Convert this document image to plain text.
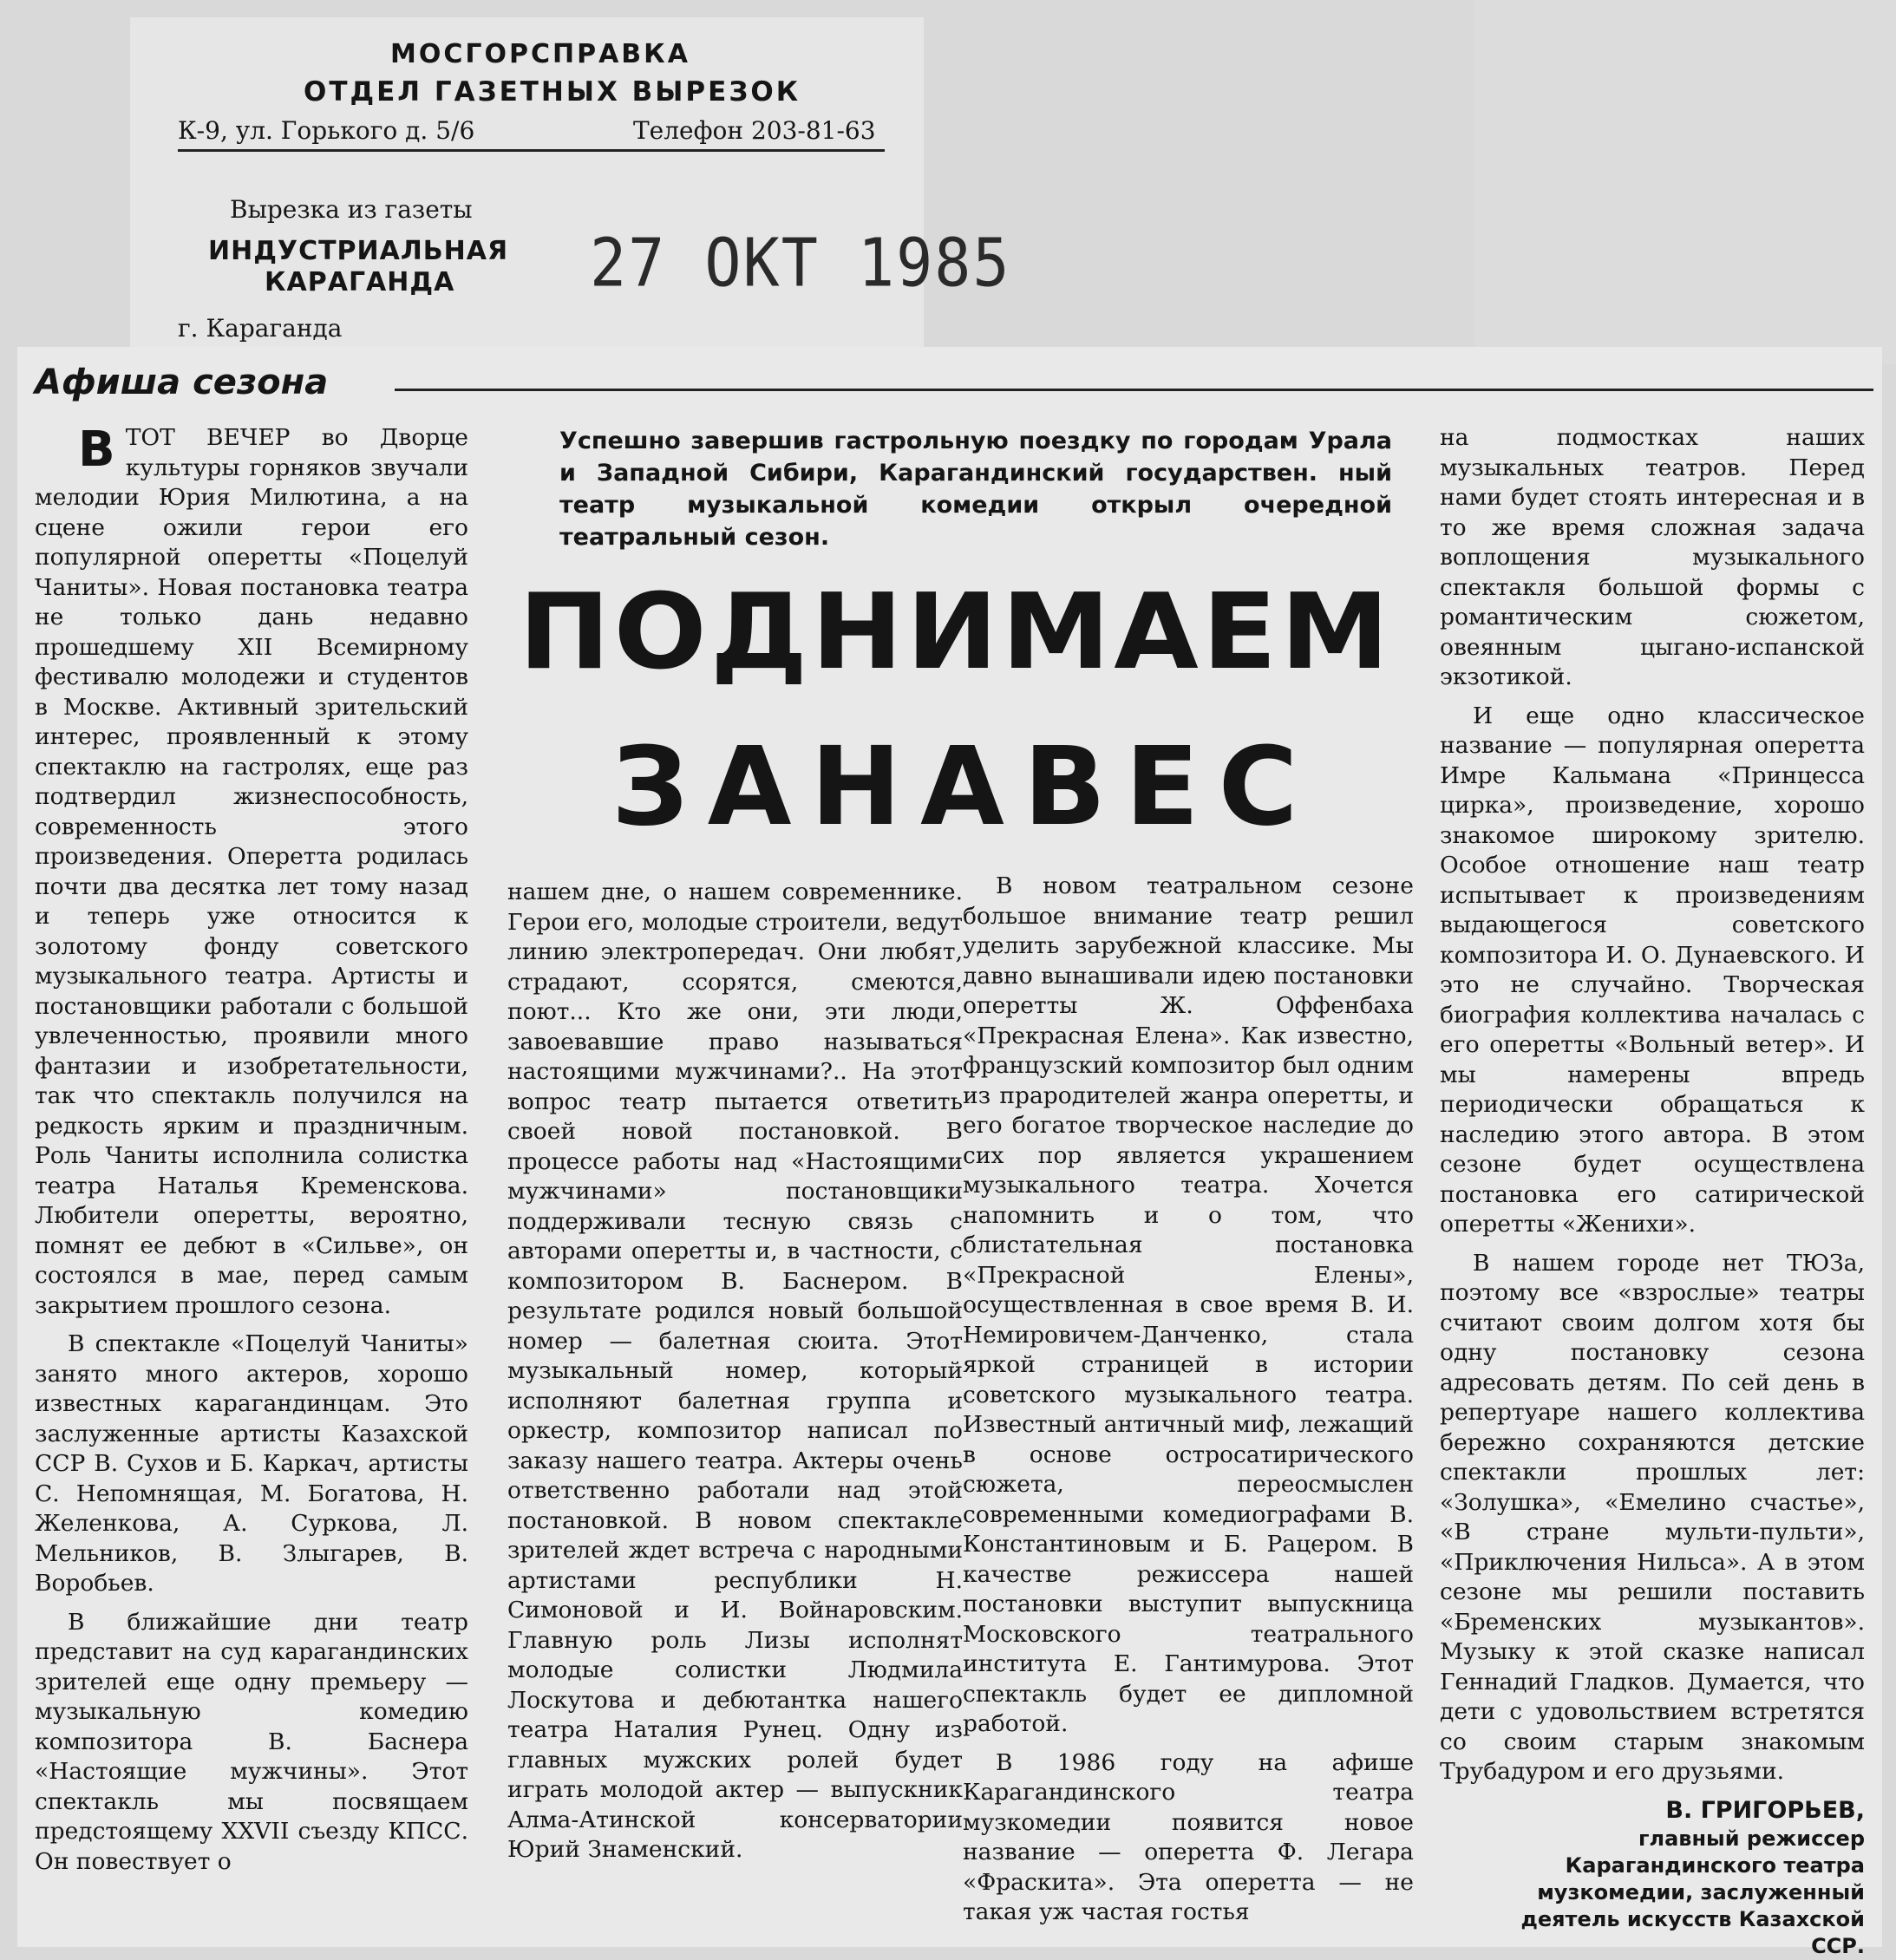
МОСГОРСПРАВКА
ОТДЕЛ ГАЗЕТНЫХ ВЫРЕЗОК
К-9, ул. Горького д. 5/6	Телефон 203-81-63
Вырезка из газеты
ИНДУСТРИАЛЬНАЯ
КАРАГАНДА
г. Караганда
27 ОКТ 1985
Афиша сезона
Успешно завершив гастрольную поездку по городам Урала и Западной Сибири, Карагандинский государствен. ный театр музыкальной комедии открыл очередной театральный сезон.
ПОДНИМАЕМ
ЗАНАВЕС

ВТОТ ВЕЧЕР во Дворце культуры горняков звучали мелодии Юрия Милютина, а на сцене ожили герои его популярной оперетты «Поцелуй Чаниты». Новая постановка театра не только дань недавно прошедшему XII Всемирному фестивалю молодежи и студентов в Москве. Активный зрительский интерес, проявленный к этому спектаклю на гастролях, еще раз подтвердил жизнеспособность, современность этого произведения. Оперетта родилась почти два десятка лет тому назад и теперь уже относится к золотому фонду советского музыкального театра. Артисты и постановщики работали с большой увлеченностью, проявили много фантазии и изобретательности, так что спектакль получился на редкость ярким и праздничным. Роль Чаниты исполнила солистка театра Наталья Кременскова. Любители оперетты, вероятно, помнят ее дебют в «Сильве», он состоялся в мае, перед самым закрытием прошлого сезона.

В спектакле «Поцелуй Чаниты» занято много актеров, хорошо известных карагандинцам. Это заслуженные артисты Казахской ССР В. Сухов и Б. Каркач, артисты С. Непомнящая, М. Богатова, Н. Желенкова, А. Суркова, Л. Мельников, В. Злыгарев, В. Воробьев.

В ближайшие дни театр представит на суд карагандинских зрителей еще одну премьеру — музыкальную комедию композитора В. Баснера «Настоящие мужчины». Этот спектакль мы посвящаем предстоящему XXVII съезду КПСС. Он повествует о

нашем дне, о нашем современнике. Герои его, молодые строители, ведут линию электропередач. Они любят, страдают, ссорятся, смеются, поют... Кто же они, эти люди, завоевавшие право называться настоящими мужчинами?.. На этот вопрос театр пытается ответить своей новой постановкой. В процессе работы над «Настоящими мужчинами» постановщики поддерживали тесную связь с авторами оперетты и, в частности, с композитором В. Баснером. В результате родился новый большой номер — балетная сюита. Этот музыкальный номер, который исполняют балетная группа и оркестр, композитор написал по заказу нашего театра. Актеры очень ответственно работали над этой постановкой. В новом спектакле зрителей ждет встреча с народными артистами республики Н. Симоновой и И. Войнаровским. Главную роль Лизы исполнят молодые солистки Людмила Лоскутова и дебютантка нашего театра Наталия Рунец. Одну из главных мужских ролей будет играть молодой актер — выпускник Алма-Атинской консерватории Юрий Знаменский.

В новом театральном сезоне большое внимание театр решил уделить зарубежной классике. Мы давно вынашивали идею постановки оперетты Ж. Оффенбаха «Прекрасная Елена». Как известно, французский композитор был одним из прародителей жанра оперетты, и его богатое творческое наследие до сих пор является украшением музыкального театра. Хочется напомнить и о том, что блистательная постановка «Прекрасной Елены», осуществленная в свое время В. И. Немировичем-Данченко, стала яркой страницей в истории советского музыкального театра. Известный античный миф, лежащий в основе остросатирического сюжета, переосмыслен современными комедиографами В. Константиновым и Б. Рацером. В качестве режиссера нашей постановки выступит выпускница Московского театрального института Е. Гантимурова. Этот спектакль будет ее дипломной работой.

В 1986 году на афише Карагандинского театра музкомедии появится новое название — оперетта Ф. Легара «Фраскита». Эта оперетта — не такая уж частая гостья

на подмостках наших музыкальных театров. Перед нами будет стоять интересная и в то же время сложная задача воплощения музыкального спектакля большой формы с романтическим сюжетом, овеянным цыгано-испанской экзотикой.

И еще одно классическое название — популярная оперетта Имре Кальмана «Принцесса цирка», произведение, хорошо знакомое широкому зрителю. Особое отношение наш театр испытывает к произведениям выдающегося советского композитора И. О. Дунаевского. И это не случайно. Творческая биография коллектива началась с его оперетты «Вольный ветер». И мы намерены впредь периодически обращаться к наследию этого автора. В этом сезоне будет осуществлена постановка его сатирической оперетты «Женихи».

В нашем городе нет ТЮЗа, поэтому все «взрослые» театры считают своим долгом хотя бы одну постановку сезона адресовать детям. По сей день в репертуаре нашего коллектива бережно сохраняются детские спектакли прошлых лет: «Золушка», «Емелино счастье», «В стране мульти-пульти», «Приключения Нильса». А в этом сезоне мы решили поставить «Бременских музыкантов». Музыку к этой сказке написал Геннадий Гладков. Думается, что дети с удовольствием встретятся со своим старым знакомым Трубадуром и его друзьями.

В. ГРИГОРЬЕВ,
главный режиссер Карагандинского театра музкомедии, заслуженный деятель искусств Казахской ССР.
